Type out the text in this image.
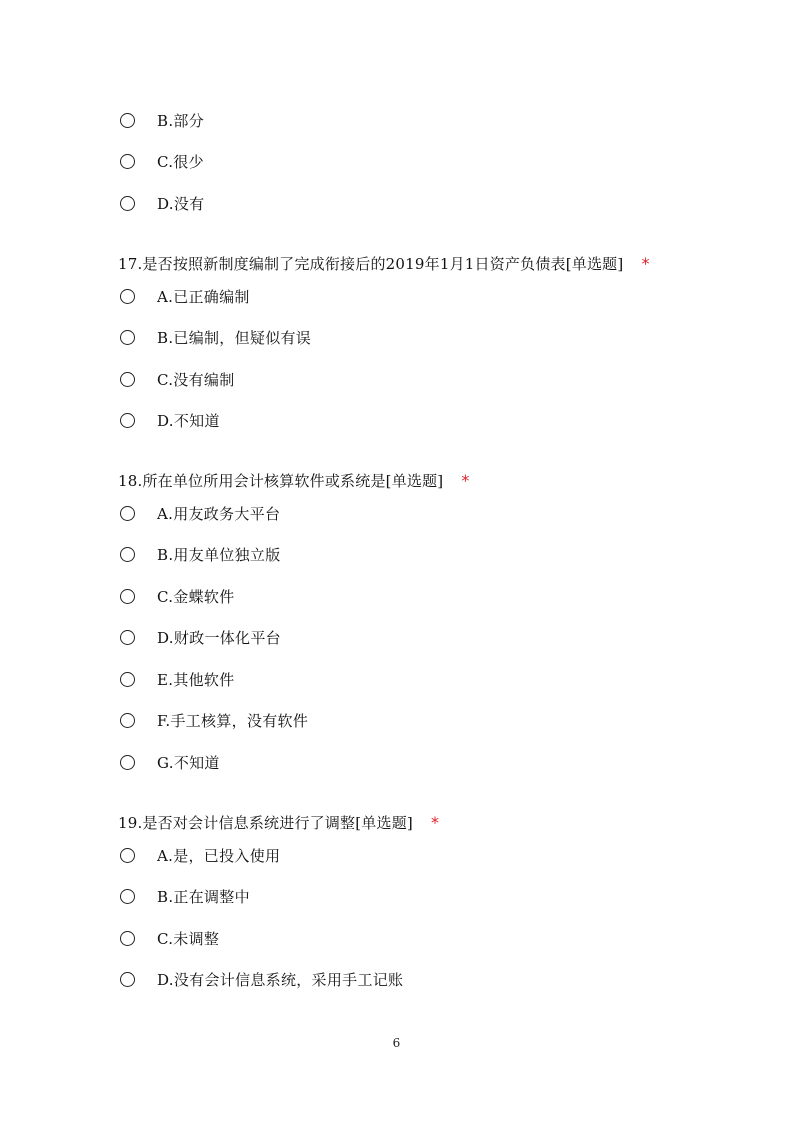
B.部分
C.很少
D.没有
17.是否按照新制度编制了完成衔接后的2019年1月1日资产负债表[单选题] *
A.已正确编制
B.已编制，但疑似有误
C.没有编制
D.不知道
18.所在单位所用会计核算软件或系统是[单选题] *
A.用友政务大平台
B.用友单位独立版
C.金蝶软件
D.财政一体化平台
E.其他软件
F.手工核算，没有软件
G.不知道
19.是否对会计信息系统进行了调整[单选题] *
A.是，已投入使用
B.正在调整中
C.未调整
D.没有会计信息系统，采用手工记账
6
